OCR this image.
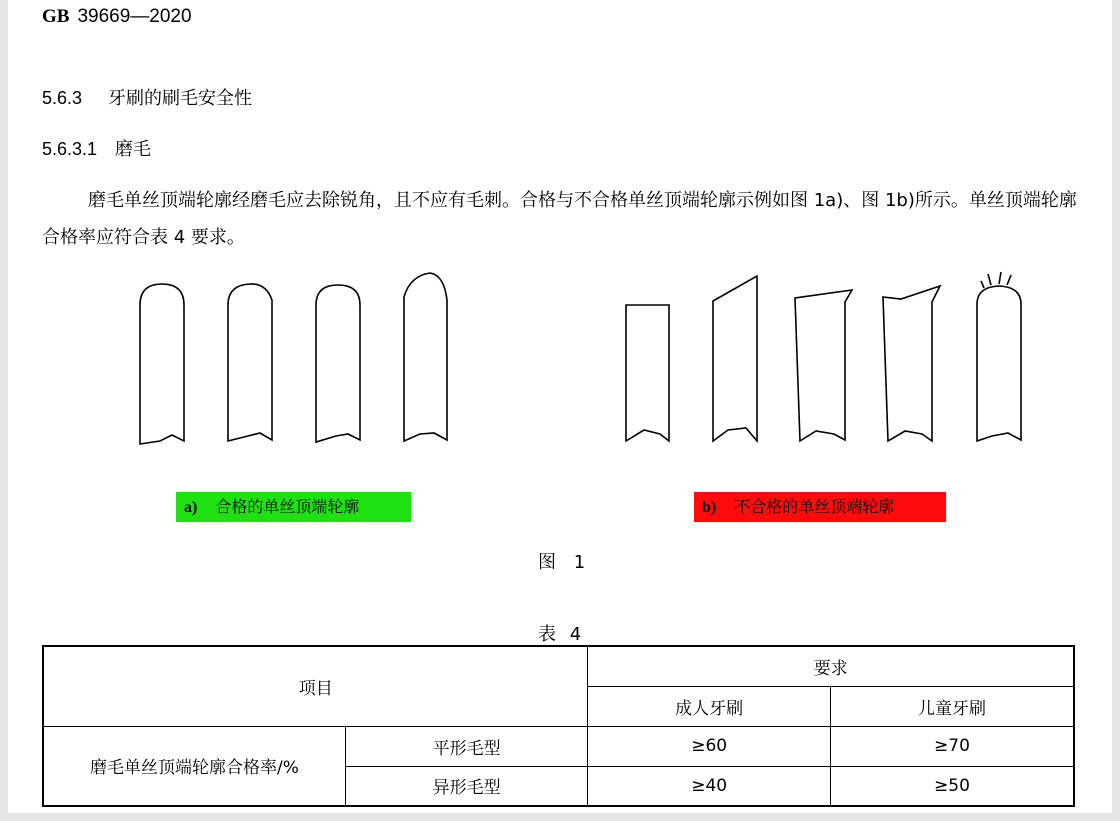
GB 39669—2020
5.6.3 牙刷的刷毛安全性
5.6.3.1 磨毛
磨毛单丝顶端轮廓经磨毛应去除锐角，且不应有毛刺。合格与不合格单丝顶端轮廓示例如图 1a)、图 1b)所示。单丝顶端轮廓合格率应符合表 4 要求。
a) 合格的单丝顶端轮廓	b) 不合格的单丝顶端轮廓
图 1
表 4
项目		要求	
		成人牙刷	儿童牙刷
磨毛单丝顶端轮廓合格率/%	平形毛型	≥60	≥70
	异形毛型	≥40	≥50
